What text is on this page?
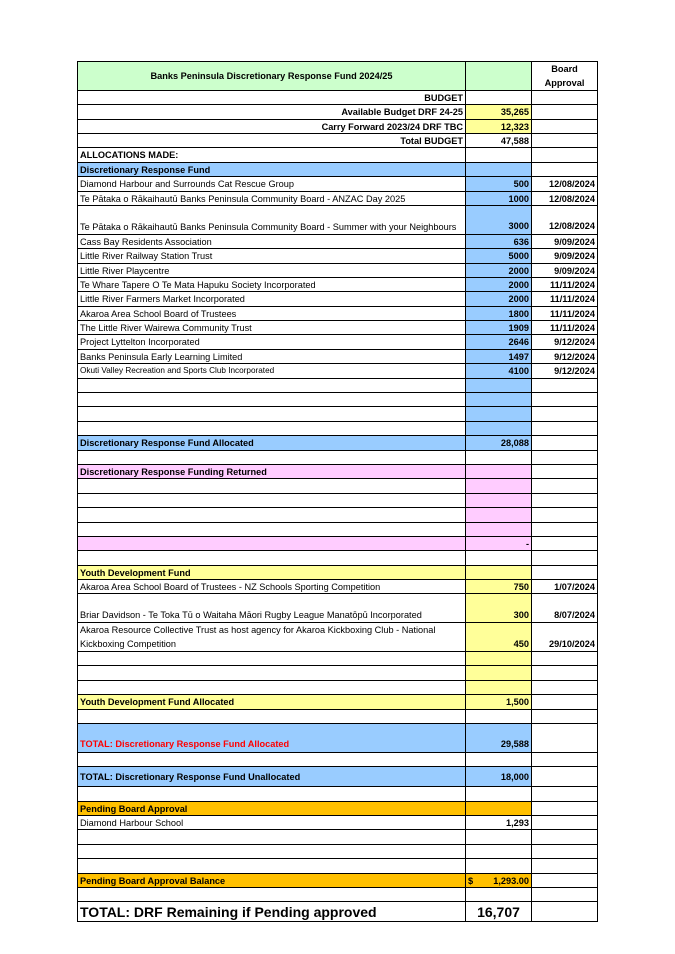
Banks Peninsula Discretionary Response Fund 2024/25
Board Approval
BUDGET
Available Budget DRF 24-25	35,265
Carry Forward 2023/24 DRF TBC	12,323
Total BUDGET	47,588
ALLOCATIONS MADE:
Discretionary Response Fund
Diamond Harbour and Surrounds Cat Rescue Group	500	12/08/2024
Te Pātaka o Rākaihautū Banks Peninsula Community Board - ANZAC Day 2025	1000	12/08/2024
Te Pātaka o Rākaihautū Banks Peninsula Community Board - Summer with your Neighbours	3000	12/08/2024
Cass Bay Residents Association	636	9/09/2024
Little River Railway Station Trust	5000	9/09/2024
Little River Playcentre	2000	9/09/2024
Te Whare Tapere O Te Mata Hapuku Society Incorporated	2000	11/11/2024
Little River Farmers Market Incorporated	2000	11/11/2024
Akaroa Area School Board of Trustees	1800	11/11/2024
The Little River Wairewa Community Trust	1909	11/11/2024
Project Lyttelton Incorporated	2646	9/12/2024
Banks Peninsula Early Learning Limited	1497	9/12/2024
Okuti Valley Recreation and Sports Club Incorporated	4100	9/12/2024
Discretionary Response Fund Allocated	28,088
Discretionary Response Funding Returned
-
Youth Development Fund
Akaroa Area School Board of Trustees - NZ Schools Sporting Competition	750	1/07/2024
Briar Davidson - Te Toka Tū o Waitaha Māori Rugby League Manatōpū Incorporated	300	8/07/2024
Akaroa Resource Collective Trust as host agency for Akaroa Kickboxing Club - National Kickboxing Competition	450	29/10/2024
Youth Development Fund Allocated	1,500
TOTAL: Discretionary Response Fund Allocated	29,588
TOTAL: Discretionary Response Fund Unallocated	18,000
Pending Board Approval
Diamond Harbour School	1,293
Pending Board Approval Balance	$ 1,293.00
TOTAL: DRF Remaining if Pending approved	16,707
